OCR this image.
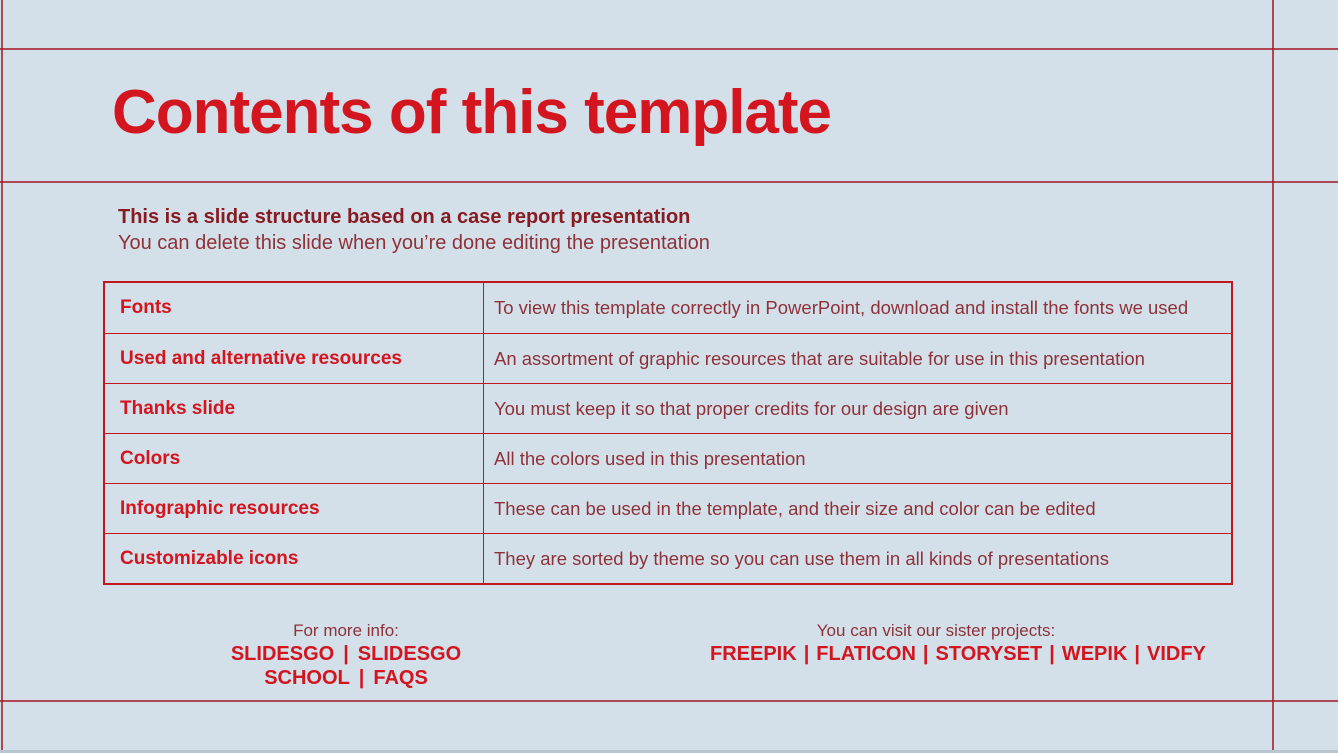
Contents of this template

This is a slide structure based on a case report presentation

You can delete this slide when you’re done editing the presentation

Fonts	To view this template correctly in PowerPoint, download and install the fonts we used
Used and alternative resources	An assortment of graphic resources that are suitable for use in this presentation
Thanks slide	You must keep it so that proper credits for our design are given
Colors	All the colors used in this presentation
Infographic resources	These can be used in the template, and their size and color can be edited
Customizable icons	They are sorted by theme so you can use them in all kinds of presentations
For more info:
SLIDESGO | SLIDESGO SCHOOL | FAQS
You can visit our sister projects:
FREEPIK | FLATICON | STORYSET | WEPIK | VIDFY
